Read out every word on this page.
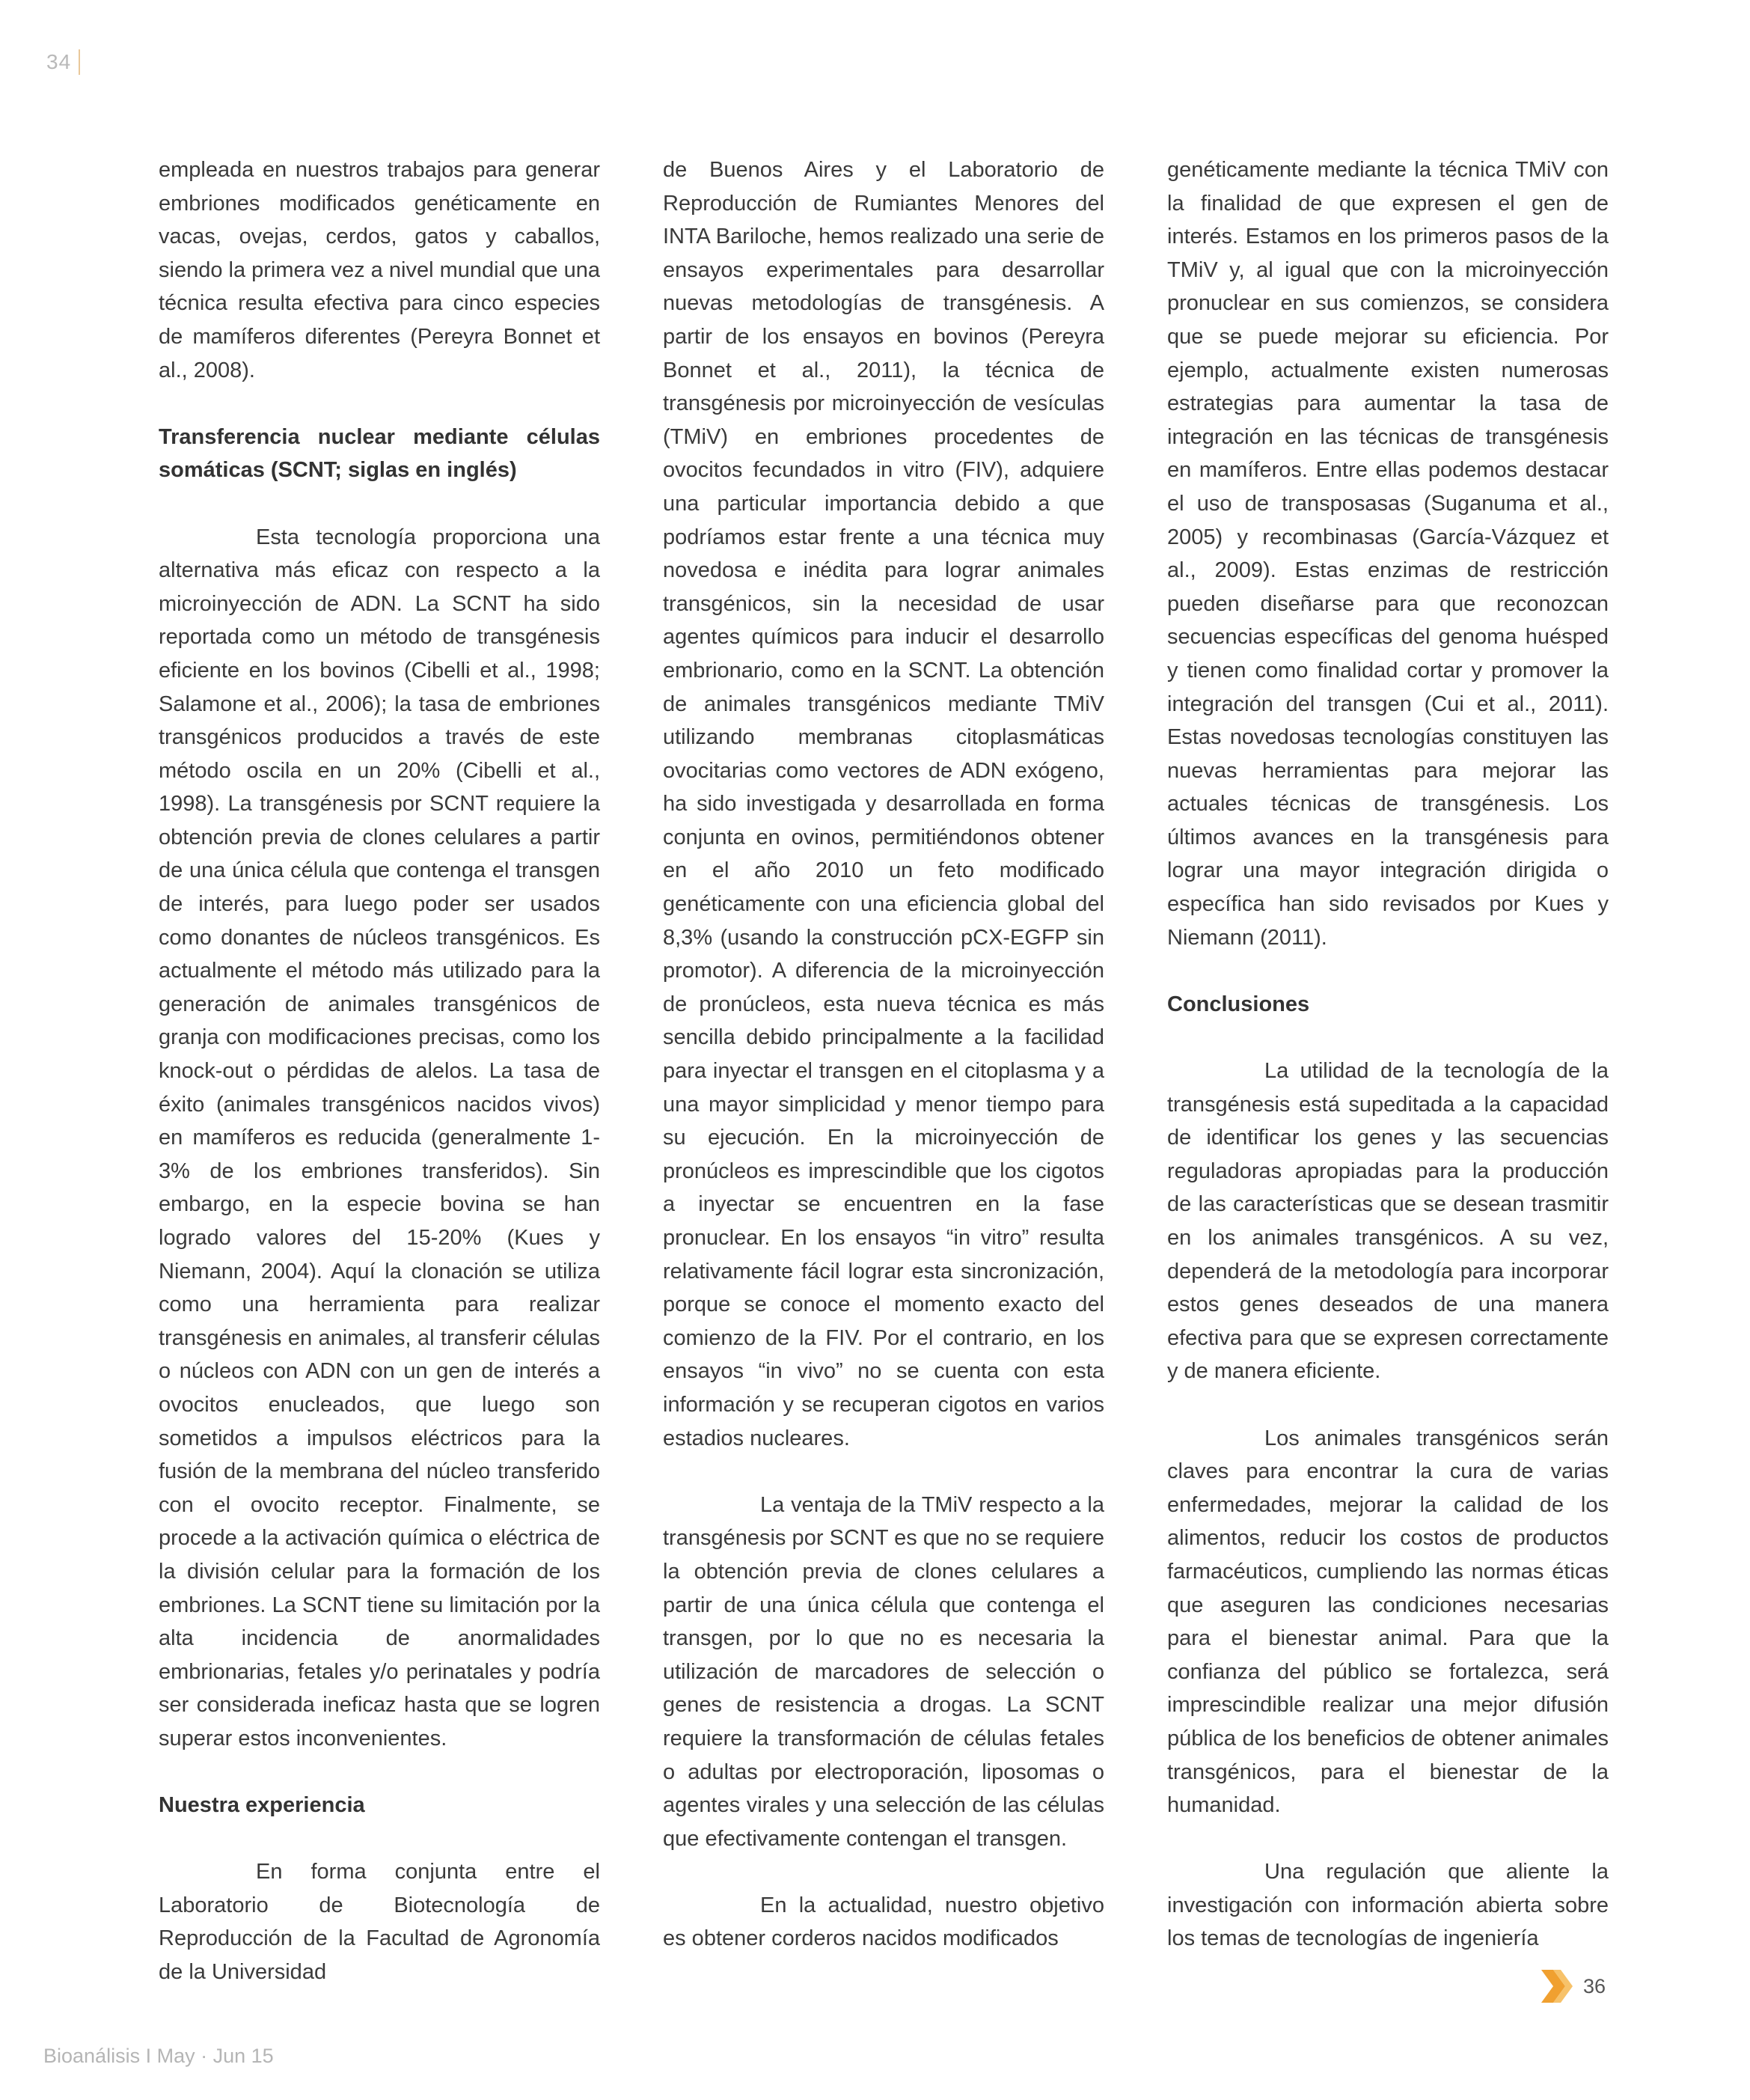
34

empleada en nuestros trabajos para generar embriones modificados genéticamente en vacas, ovejas, cerdos, gatos y caballos, siendo la primera vez a nivel mundial que una técnica resulta efectiva para cinco especies de mamíferos diferentes (Pereyra Bonnet et al., 2008).

Transferencia nuclear mediante células somáticas (SCNT; siglas en inglés)

Esta tecnología proporciona una alternativa más eficaz con respecto a la microinyección de ADN. La SCNT ha sido reportada como un método de transgénesis eficiente en los bovinos (Cibelli et al., 1998; Salamone et al., 2006); la tasa de embriones transgénicos producidos a través de este método oscila en un 20% (Cibelli et al., 1998). La transgénesis por SCNT requiere la obtención previa de clones celulares a partir de una única célula que contenga el transgen de interés, para luego poder ser usados como donantes de núcleos transgénicos. Es actualmente el método más utilizado para la generación de animales transgénicos de granja con modificaciones precisas, como los knock-out o pérdidas de alelos. La tasa de éxito (animales transgénicos nacidos vivos) en mamíferos es reducida (generalmente 1-3% de los embriones transferidos). Sin embargo, en la especie bovina se han logrado valores del 15-20% (Kues y Niemann, 2004). Aquí la clonación se utiliza como una herramienta para realizar transgénesis en animales, al transferir células o núcleos con ADN con un gen de interés a ovocitos enucleados, que luego son sometidos a impulsos eléctricos para la fusión de la membrana del núcleo transferido con el ovocito receptor. Finalmente, se procede a la activación química o eléctrica de la división celular para la formación de los embriones. La SCNT tiene su limitación por la alta incidencia de anormalidades embrionarias, fetales y/o perinatales y podría ser considerada ineficaz hasta que se logren superar estos inconvenientes.

Nuestra experiencia

En forma conjunta entre el Laboratorio de Biotecnología de Reproducción de la Facultad de Agronomía de la Universidad

de Buenos Aires y el Laboratorio de Reproducción de Rumiantes Menores del INTA Bariloche, hemos realizado una serie de ensayos experimentales para desarrollar nuevas metodologías de transgénesis. A partir de los ensayos en bovinos (Pereyra Bonnet et al., 2011), la técnica de transgénesis por microinyección de vesículas (TMiV) en embriones procedentes de ovocitos fecundados in vitro (FIV), adquiere una particular importancia debido a que podríamos estar frente a una técnica muy novedosa e inédita para lograr animales transgénicos, sin la necesidad de usar agentes químicos para inducir el desarrollo embrionario, como en la SCNT. La obtención de animales transgénicos mediante TMiV utilizando membranas citoplasmáticas ovocitarias como vectores de ADN exógeno, ha sido investigada y desarrollada en forma conjunta en ovinos, permitiéndonos obtener en el año 2010 un feto modificado genéticamente con una eficiencia global del 8,3% (usando la construcción pCX-EGFP sin promotor). A diferencia de la microinyección de pronúcleos, esta nueva técnica es más sencilla debido principalmente a la facilidad para inyectar el transgen en el citoplasma y a una mayor simplicidad y menor tiempo para su ejecución. En la microinyección de pronúcleos es imprescindible que los cigotos a inyectar se encuentren en la fase pronuclear. En los ensayos “in vitro” resulta relativamente fácil lograr esta sincronización, porque se conoce el momento exacto del comienzo de la FIV. Por el contrario, en los ensayos “in vivo” no se cuenta con esta información y se recuperan cigotos en varios estadios nucleares.

La ventaja de la TMiV respecto a la transgénesis por SCNT es que no se requiere la obtención previa de clones celulares a partir de una única célula que contenga el transgen, por lo que no es necesaria la utilización de marcadores de selección o genes de resistencia a drogas. La SCNT requiere la transformación de células fetales o adultas por electroporación, liposomas o agentes virales y una selección de las células que efectivamente contengan el transgen.

En la actualidad, nuestro objetivo es obtener corderos nacidos modificados

genéticamente mediante la técnica TMiV con la finalidad de que expresen el gen de interés. Estamos en los primeros pasos de la TMiV y, al igual que con la microinyección pronuclear en sus comienzos, se considera que se puede mejorar su eficiencia. Por ejemplo, actualmente existen numerosas estrategias para aumentar la tasa de integración en las técnicas de transgénesis en mamíferos. Entre ellas podemos destacar el uso de transposasas (Suganuma et al., 2005) y recombinasas (García-Vázquez et al., 2009). Estas enzimas de restricción pueden diseñarse para que reconozcan secuencias específicas del genoma huésped y tienen como finalidad cortar y promover la integración del transgen (Cui et al., 2011). Estas novedosas tecnologías constituyen las nuevas herramientas para mejorar las actuales técnicas de transgénesis. Los últimos avances en la transgénesis para lograr una mayor integración dirigida o específica han sido revisados por Kues y Niemann (2011).

Conclusiones

La utilidad de la tecnología de la transgénesis está supeditada a la capacidad de identificar los genes y las secuencias reguladoras apropiadas para la producción de las características que se desean trasmitir en los animales transgénicos. A su vez, dependerá de la metodología para incorporar estos genes deseados de una manera efectiva para que se expresen correctamente y de manera eficiente.

Los animales transgénicos serán claves para encontrar la cura de varias enfermedades, mejorar la calidad de los alimentos, reducir los costos de productos farmacéuticos, cumpliendo las normas éticas que aseguren las condiciones necesarias para el bienestar animal. Para que la confianza del público se fortalezca, será imprescindible realizar una mejor difusión pública de los beneficios de obtener animales transgénicos, para el bienestar de la humanidad.

Una regulación que aliente la investigación con información abierta sobre los temas de tecnologías de ingeniería

Bioanálisis I May · Jun 15
36
